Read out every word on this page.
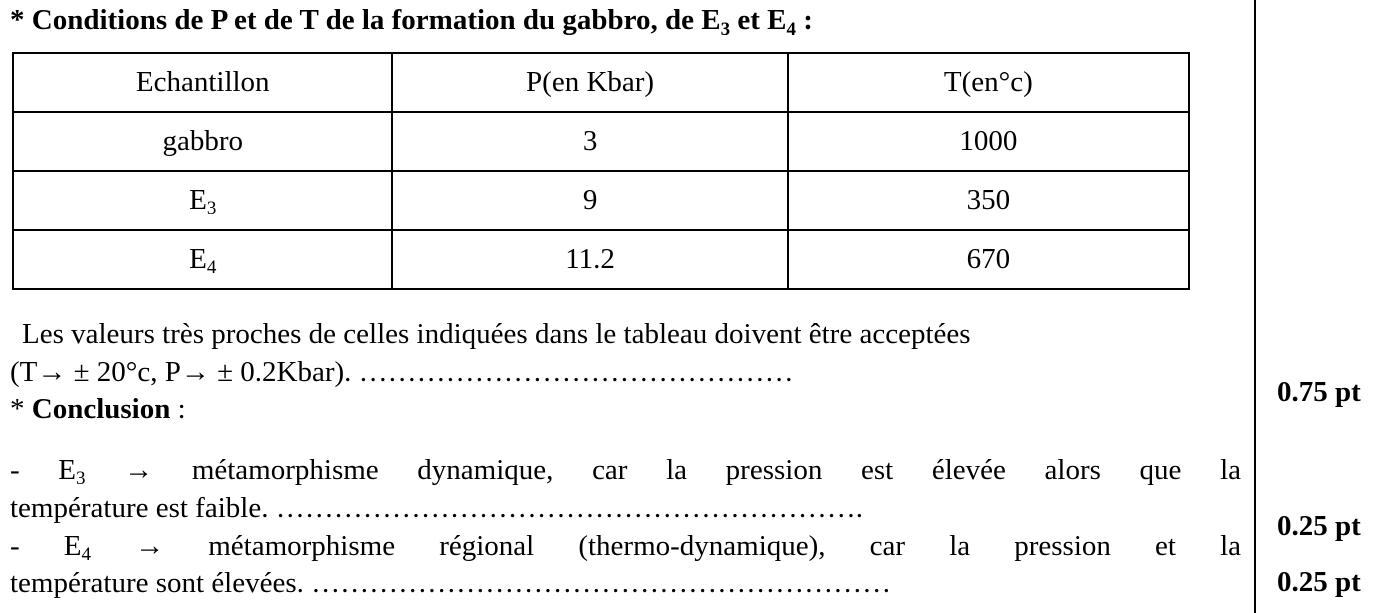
* Conditions de P et de T de la formation du gabbro, de $E_3$ et $E_4$ :
Echantillon	P(en Kbar)	T(en°c)
gabbro	3	1000
$E_3$	9	350
$E_4$	11.2	670
Les valeurs très proches de celles indiquées dans le tableau doivent être acceptées
(T→ ± 20°c, P→ ± 0.2Kbar). ………………………………………
0.75 pt
* Conclusion :
- $E_3$ → métamorphisme dynamique, car la pression est élevée alors que la
température est faible. …………………………………………………….
0.25 pt
- $E_4$ → métamorphisme régional (thermo-dynamique), car la pression et la
température sont élevées. ……………………………………………………	0.25 pt
